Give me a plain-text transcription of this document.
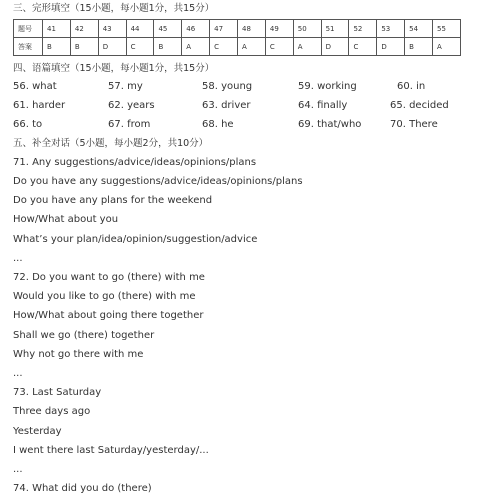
三、完形填空（15小题，每小题1分，共15分）
题号	41	42	43	44	45	46	47	48	49	50	51	52	53	54	55
答案	B	B	D	C	B	A	C	A	C	A	D	C	D	B	A
四、语篇填空（15小题，每小题1分，共15分）
56. what	57. my	58. young	59. working	60. in
61. harder	62. years	63. driver	64. finally	65. decided
66. to	67. from	68. he	69. that/who	70. There
五、补全对话（5小题，每小题2分，共10分）
71. Any suggestions/advice/ideas/opinions/plans
Do you have any suggestions/advice/ideas/opinions/plans
Do you have any plans for the weekend
How/What about you
What’s your plan/idea/opinion/suggestion/advice
...
72. Do you want to go (there) with me
Would you like to go (there) with me
How/What about going there together
Shall we go (there) together
Why not go there with me
...
73. Last Saturday
Three days ago
Yesterday
I went there last Saturday/yesterday/...
...
74. What did you do (there)
